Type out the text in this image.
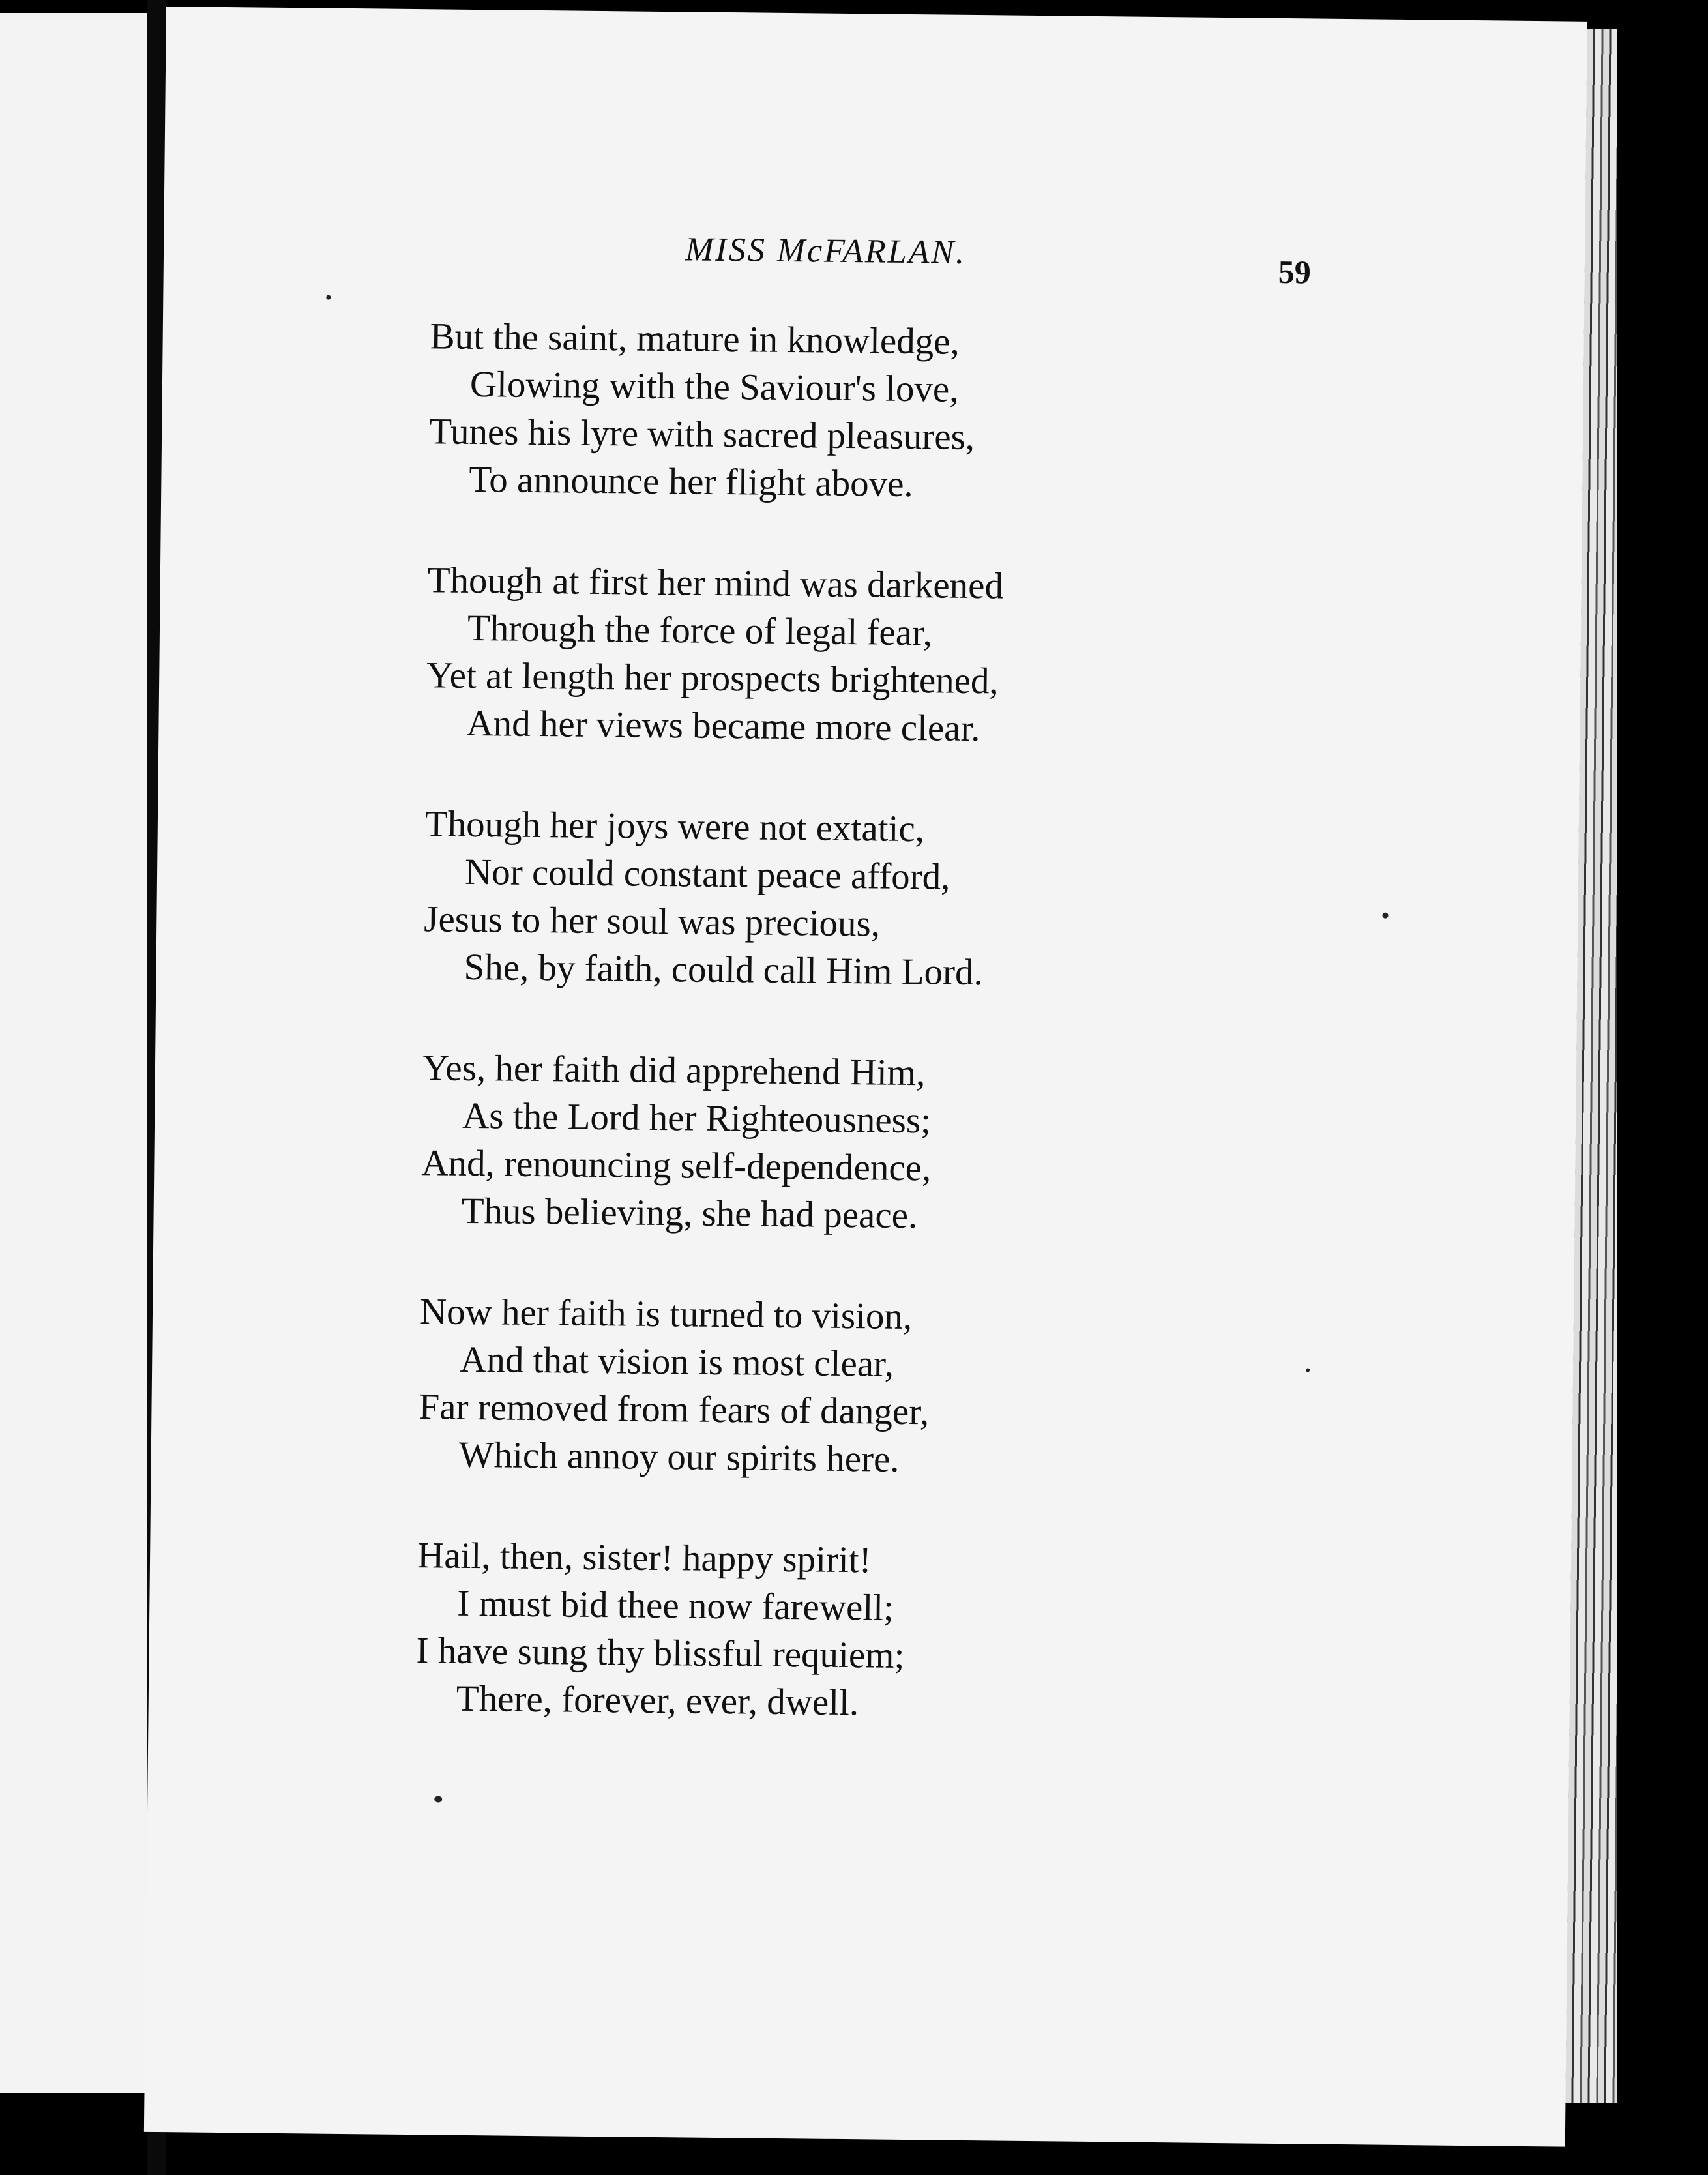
MISS McFARLAN.
59
But the saint, mature in knowledge,
Glowing with the Saviour's love,
Tunes his lyre with sacred pleasures,
To announce her flight above.
Though at first her mind was darkened
Through the force of legal fear,
Yet at length her prospects brightened,
And her views became more clear.
Though her joys were not extatic,
Nor could constant peace afford,
Jesus to her soul was precious,
She, by faith, could call Him Lord.
Yes, her faith did apprehend Him,
As the Lord her Righteousness;
And, renouncing self-dependence,
Thus believing, she had peace.
Now her faith is turned to vision,
And that vision is most clear,
Far removed from fears of danger,
Which annoy our spirits here.
Hail, then, sister! happy spirit!
I must bid thee now farewell;
I have sung thy blissful requiem;
There, forever, ever, dwell.
